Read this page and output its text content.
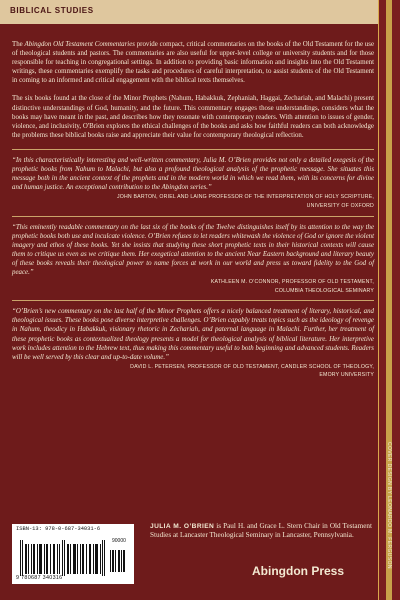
BIBLICAL STUDIES
COVER DESIGN BY LEONARDO M. FERGUSON

The Abingdon Old Testament Commentaries provide compact, critical commentaries on the books of the Old Testament for the use of theological students and pastors. The commentaries are also useful for upper-level college or university students and for those responsible for teaching in congregational settings. In addition to providing basic information and insights into the Old Testament writings, these commentaries exemplify the tasks and procedures of careful interpretation, to assist students of the Old Testament in coming to an informed and critical engagement with the biblical texts themselves.

The six books found at the close of the Minor Prophets (Nahum, Habakkuk, Zephaniah, Haggai, Zechariah, and Malachi) present distinctive understandings of God, humanity, and the future. This commentary engages those understandings, considers what the books may have meant in the past, and describes how they resonate with contemporary readers. With attention to issues of gender, violence, and inclusivity, O'Brien explores the ethical challenges of the books and asks how faithful readers can both acknowledge the problems these biblical books raise and appreciate their value for contemporary theological reflection.

“In this characteristically interesting and well-written commentary, Julia M. O’Brien provides not only a detailed exegesis of the prophetic books from Nahum to Malachi, but also a profound theological analysis of the prophetic message. She situates this message both in the ancient context of the prophets and in the modern world in which we read them, with its concerns for divine and human justice. An exceptional contribution to the Abingdon series.”

JOHN BARTON, ORIEL AND LAING PROFESSOR OF THE INTERPRETATION OF HOLY SCRIPTURE,

UNIVERSITY OF OXFORD

“This eminently readable commentary on the last six of the books of the Twelve distinguishes itself by its attention to the way the prophetic books both use and inculcate violence. O’Brien refuses to let readers whitewash the violence of God or ignore the violent imagery and ethos of these books. Yet she insists that studying these short prophetic texts in their historical contexts will cause them to critique us even as we critique them. Her exegetical attention to the ancient Near Eastern background and literary beauty of these books reveals their theological power to name forces at work in our world and press us toward fidelity to the God of peace.”

KATHLEEN M. O’CONNOR, PROFESSOR OF OLD TESTAMENT,

COLUMBIA THEOLOGICAL SEMINARY

“O’Brien’s new commentary on the last half of the Minor Prophets offers a nicely balanced treatment of literary, historical, and theological issues. These books pose diverse interpretive challenges. O’Brien capably treats topics such as the ideology of revenge in Nahum, theodicy in Habakkuk, visionary rhetoric in Zechariah, and paternal language in Malachi. Further, her treatment of these prophetic books as contextualized theology presents a model for theological analysis of biblical literature. Her interpretive work includes attention to the Hebrew text, thus making this commentary useful to both beginning and advanced students. Readers will be well served by this clear and up-to-date volume.”

DAVID L. PETERSEN, PROFESSOR OF OLD TESTAMENT, CANDLER SCHOOL OF THEOLOGY,

EMORY UNIVERSITY

ISBN-13: 978-0-687-34031-6
90000
9 780687 340316

JULIA M. O’BRIEN is Paul H. and Grace L. Stern Chair in Old Testament Studies at Lancaster Theological Seminary in Lancaster, Pennsylvania.

Abingdon Press
